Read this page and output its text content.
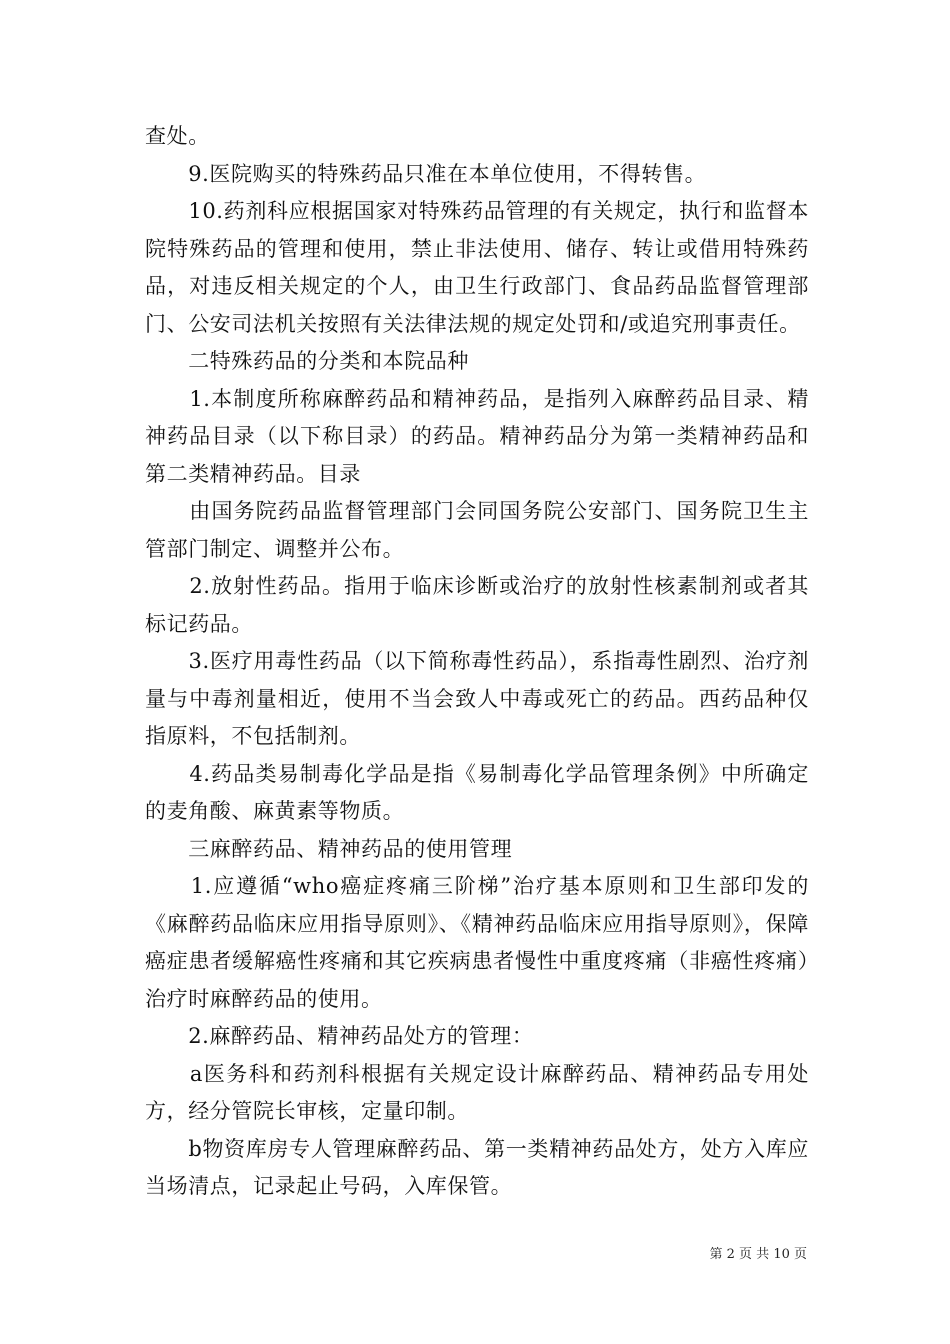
查处。

　　9.医院购买的特殊药品只准在本单位使用，不得转售。

　　10.药剂科应根据国家对特殊药品管理的有关规定，执行和监督本院特殊药品的管理和使用，禁止非法使用、储存、转让或借用特殊药品，对违反相关规定的个人，由卫生行政部门、食品药品监督管理部门、公安司法机关按照有关法律法规的规定处罚和/或追究刑事责任。

　　二特殊药品的分类和本院品种

　　1.本制度所称麻醉药品和精神药品，是指列入麻醉药品目录、精神药品目录（以下称目录）的药品。精神药品分为第一类精神药品和第二类精神药品。目录

　　由国务院药品监督管理部门会同国务院公安部门、国务院卫生主管部门制定、调整并公布。

　　2.放射性药品。指用于临床诊断或治疗的放射性核素制剂或者其标记药品。

　　3.医疗用毒性药品（以下简称毒性药品），系指毒性剧烈、治疗剂量与中毒剂量相近，使用不当会致人中毒或死亡的药品。西药品种仅指原料，不包括制剂。

　　4.药品类易制毒化学品是指《易制毒化学品管理条例》中所确定的麦角酸、麻黄素等物质。

　　三麻醉药品、精神药品的使用管理

　　1.应遵循“who癌症疼痛三阶梯”治疗基本原则和卫生部印发的《麻醉药品临床应用指导原则》、《精神药品临床应用指导原则》，保障癌症患者缓解癌性疼痛和其它疾病患者慢性中重度疼痛（非癌性疼痛）治疗时麻醉药品的使用。

　　2.麻醉药品、精神药品处方的管理：

　　a医务科和药剂科根据有关规定设计麻醉药品、精神药品专用处方，经分管院长审核，定量印制。

　　b物资库房专人管理麻醉药品、第一类精神药品处方，处方入库应当场清点，记录起止号码，入库保管。

第 2 页 共 10 页
